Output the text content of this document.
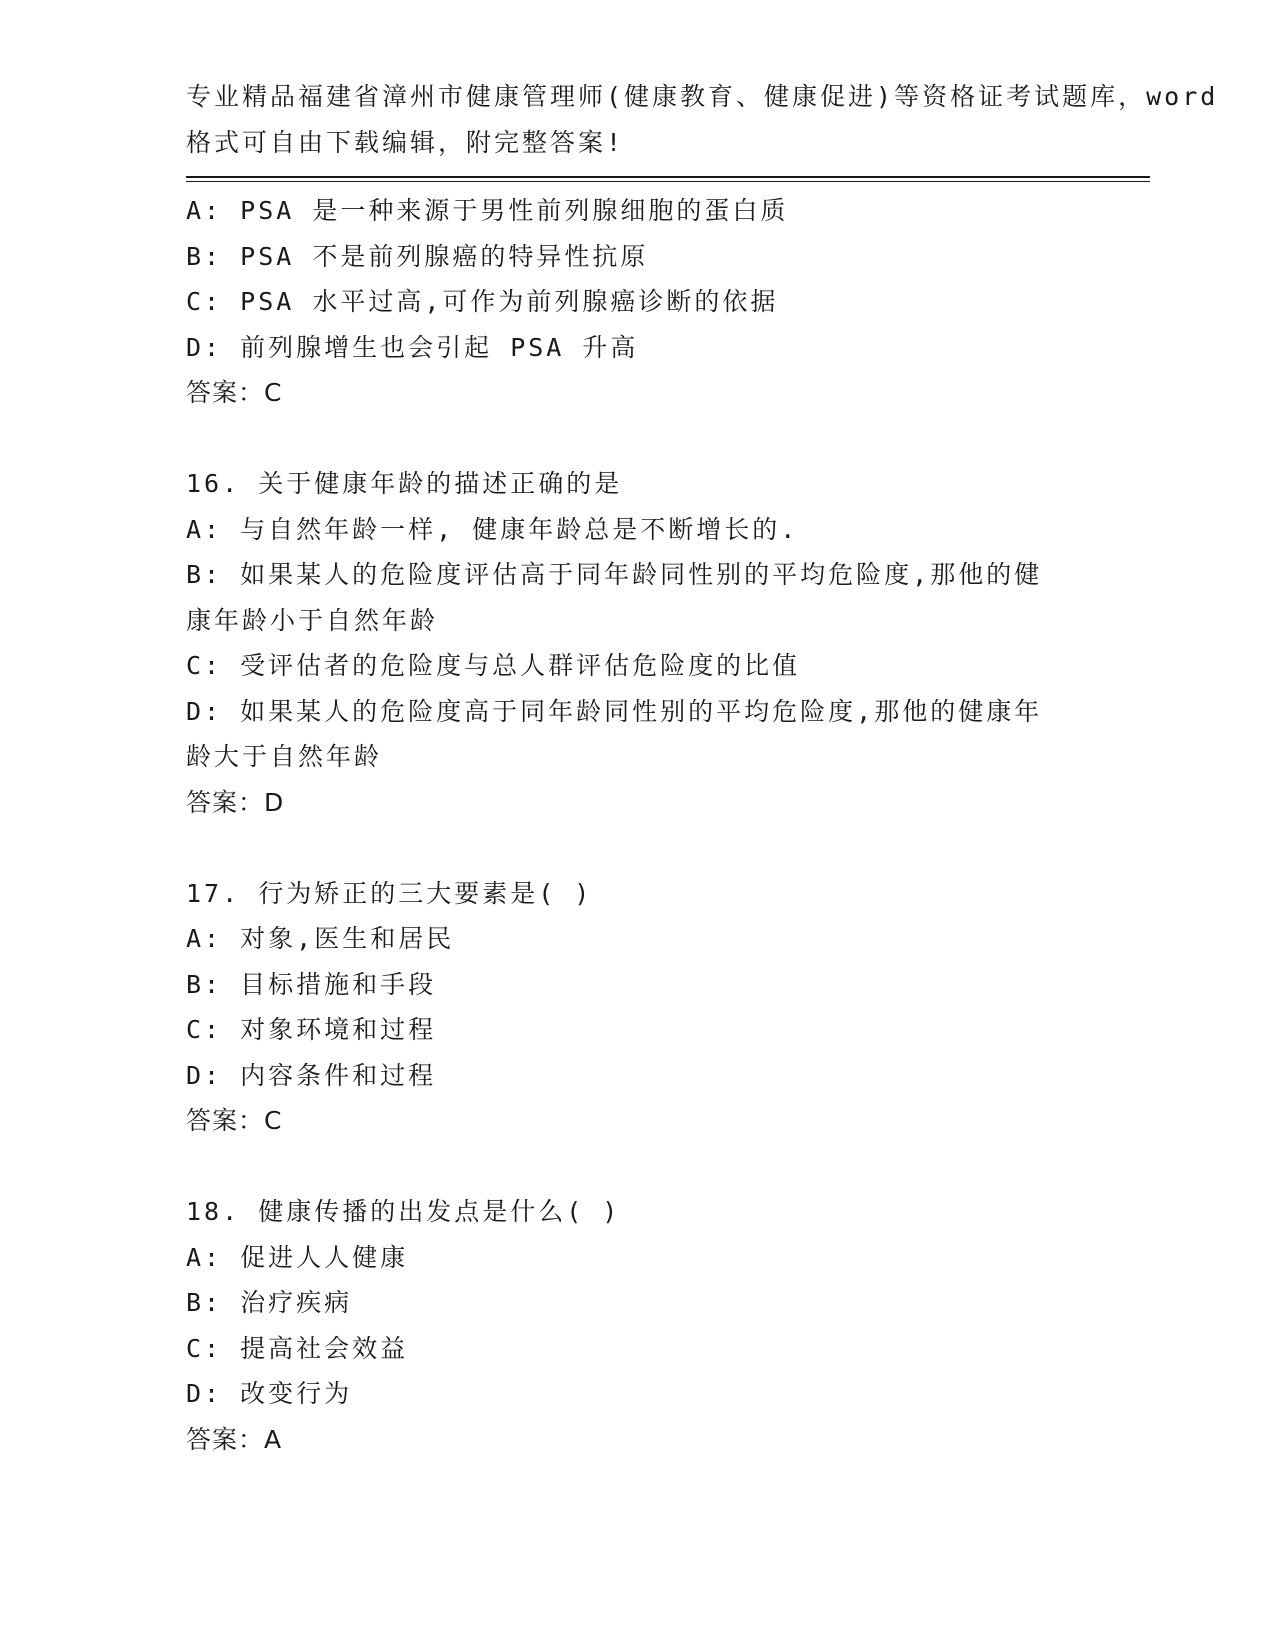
专业精品福建省漳州市健康管理师(健康教育、健康促进)等资格证考试题库，word
格式可自由下载编辑，附完整答案!
A: PSA 是一种来源于男性前列腺细胞的蛋白质
B: PSA 不是前列腺癌的特异性抗原
C: PSA 水平过高,可作为前列腺癌诊断的依据
D: 前列腺增生也会引起 PSA 升高
答案：C
16. 关于健康年龄的描述正确的是
A: 与自然年龄一样, 健康年龄总是不断增长的.
B: 如果某人的危险度评估高于同年龄同性别的平均危险度,那他的健
康年龄小于自然年龄
C: 受评估者的危险度与总人群评估危险度的比值
D: 如果某人的危险度高于同年龄同性别的平均危险度,那他的健康年
龄大于自然年龄
答案：D
17. 行为矫正的三大要素是( )
A: 对象,医生和居民
B: 目标措施和手段
C: 对象环境和过程
D: 内容条件和过程
答案：C
18. 健康传播的出发点是什么( )
A: 促进人人健康
B: 治疗疾病
C: 提高社会效益
D: 改变行为
答案：A
